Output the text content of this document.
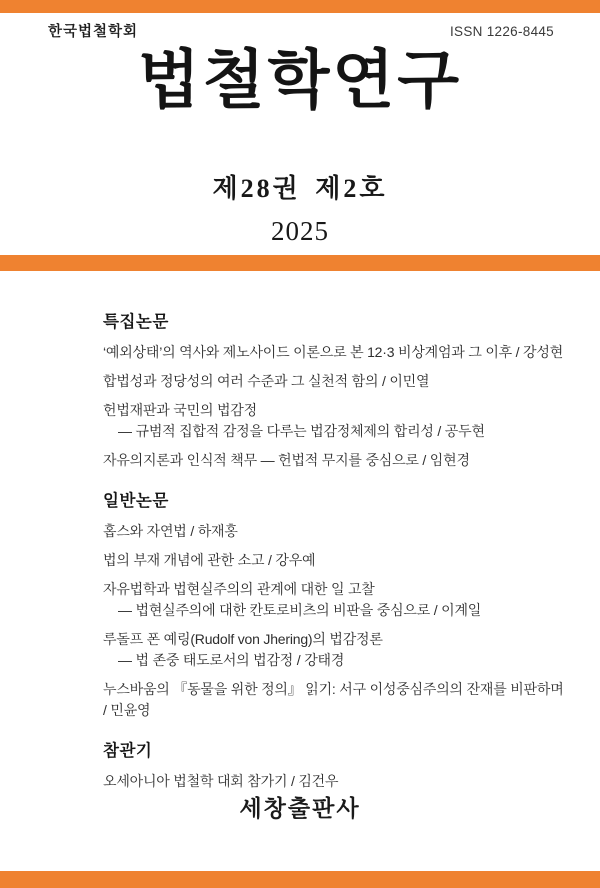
한국법철학회	ISSN 1226-8445
법철학연구
제28권 제2호
2025
특집논문

‘예외상태’의 역사와 제노사이드 이론으로 본 12·3 비상계엄과 그 이후 / 강성현

합법성과 정당성의 여러 수준과 그 실천적 함의 / 이민열

헌법재판과 국민의 법감정

— 규범적 집합적 감정을 다루는 법감정체제의 합리성 / 공두현

자유의지론과 인식적 책무 — 헌법적 무지를 중심으로 / 임현경

일반논문

홉스와 자연법 / 하재홍

법의 부재 개념에 관한 소고 / 강우예

자유법학과 법현실주의의 관계에 대한 일 고찰

— 법현실주의에 대한 칸토로비츠의 비판을 중심으로 / 이계일

루돌프 폰 예링(Rudolf von Jhering)의 법감정론

— 법 존중 태도로서의 법감정 / 강태경

누스바움의 『동물을 위한 정의』 읽기: 서구 이성중심주의의 잔재를 비판하며 / 민윤영

참관기

오세아니아 법철학 대회 참가기 / 김건우

세창출판사
